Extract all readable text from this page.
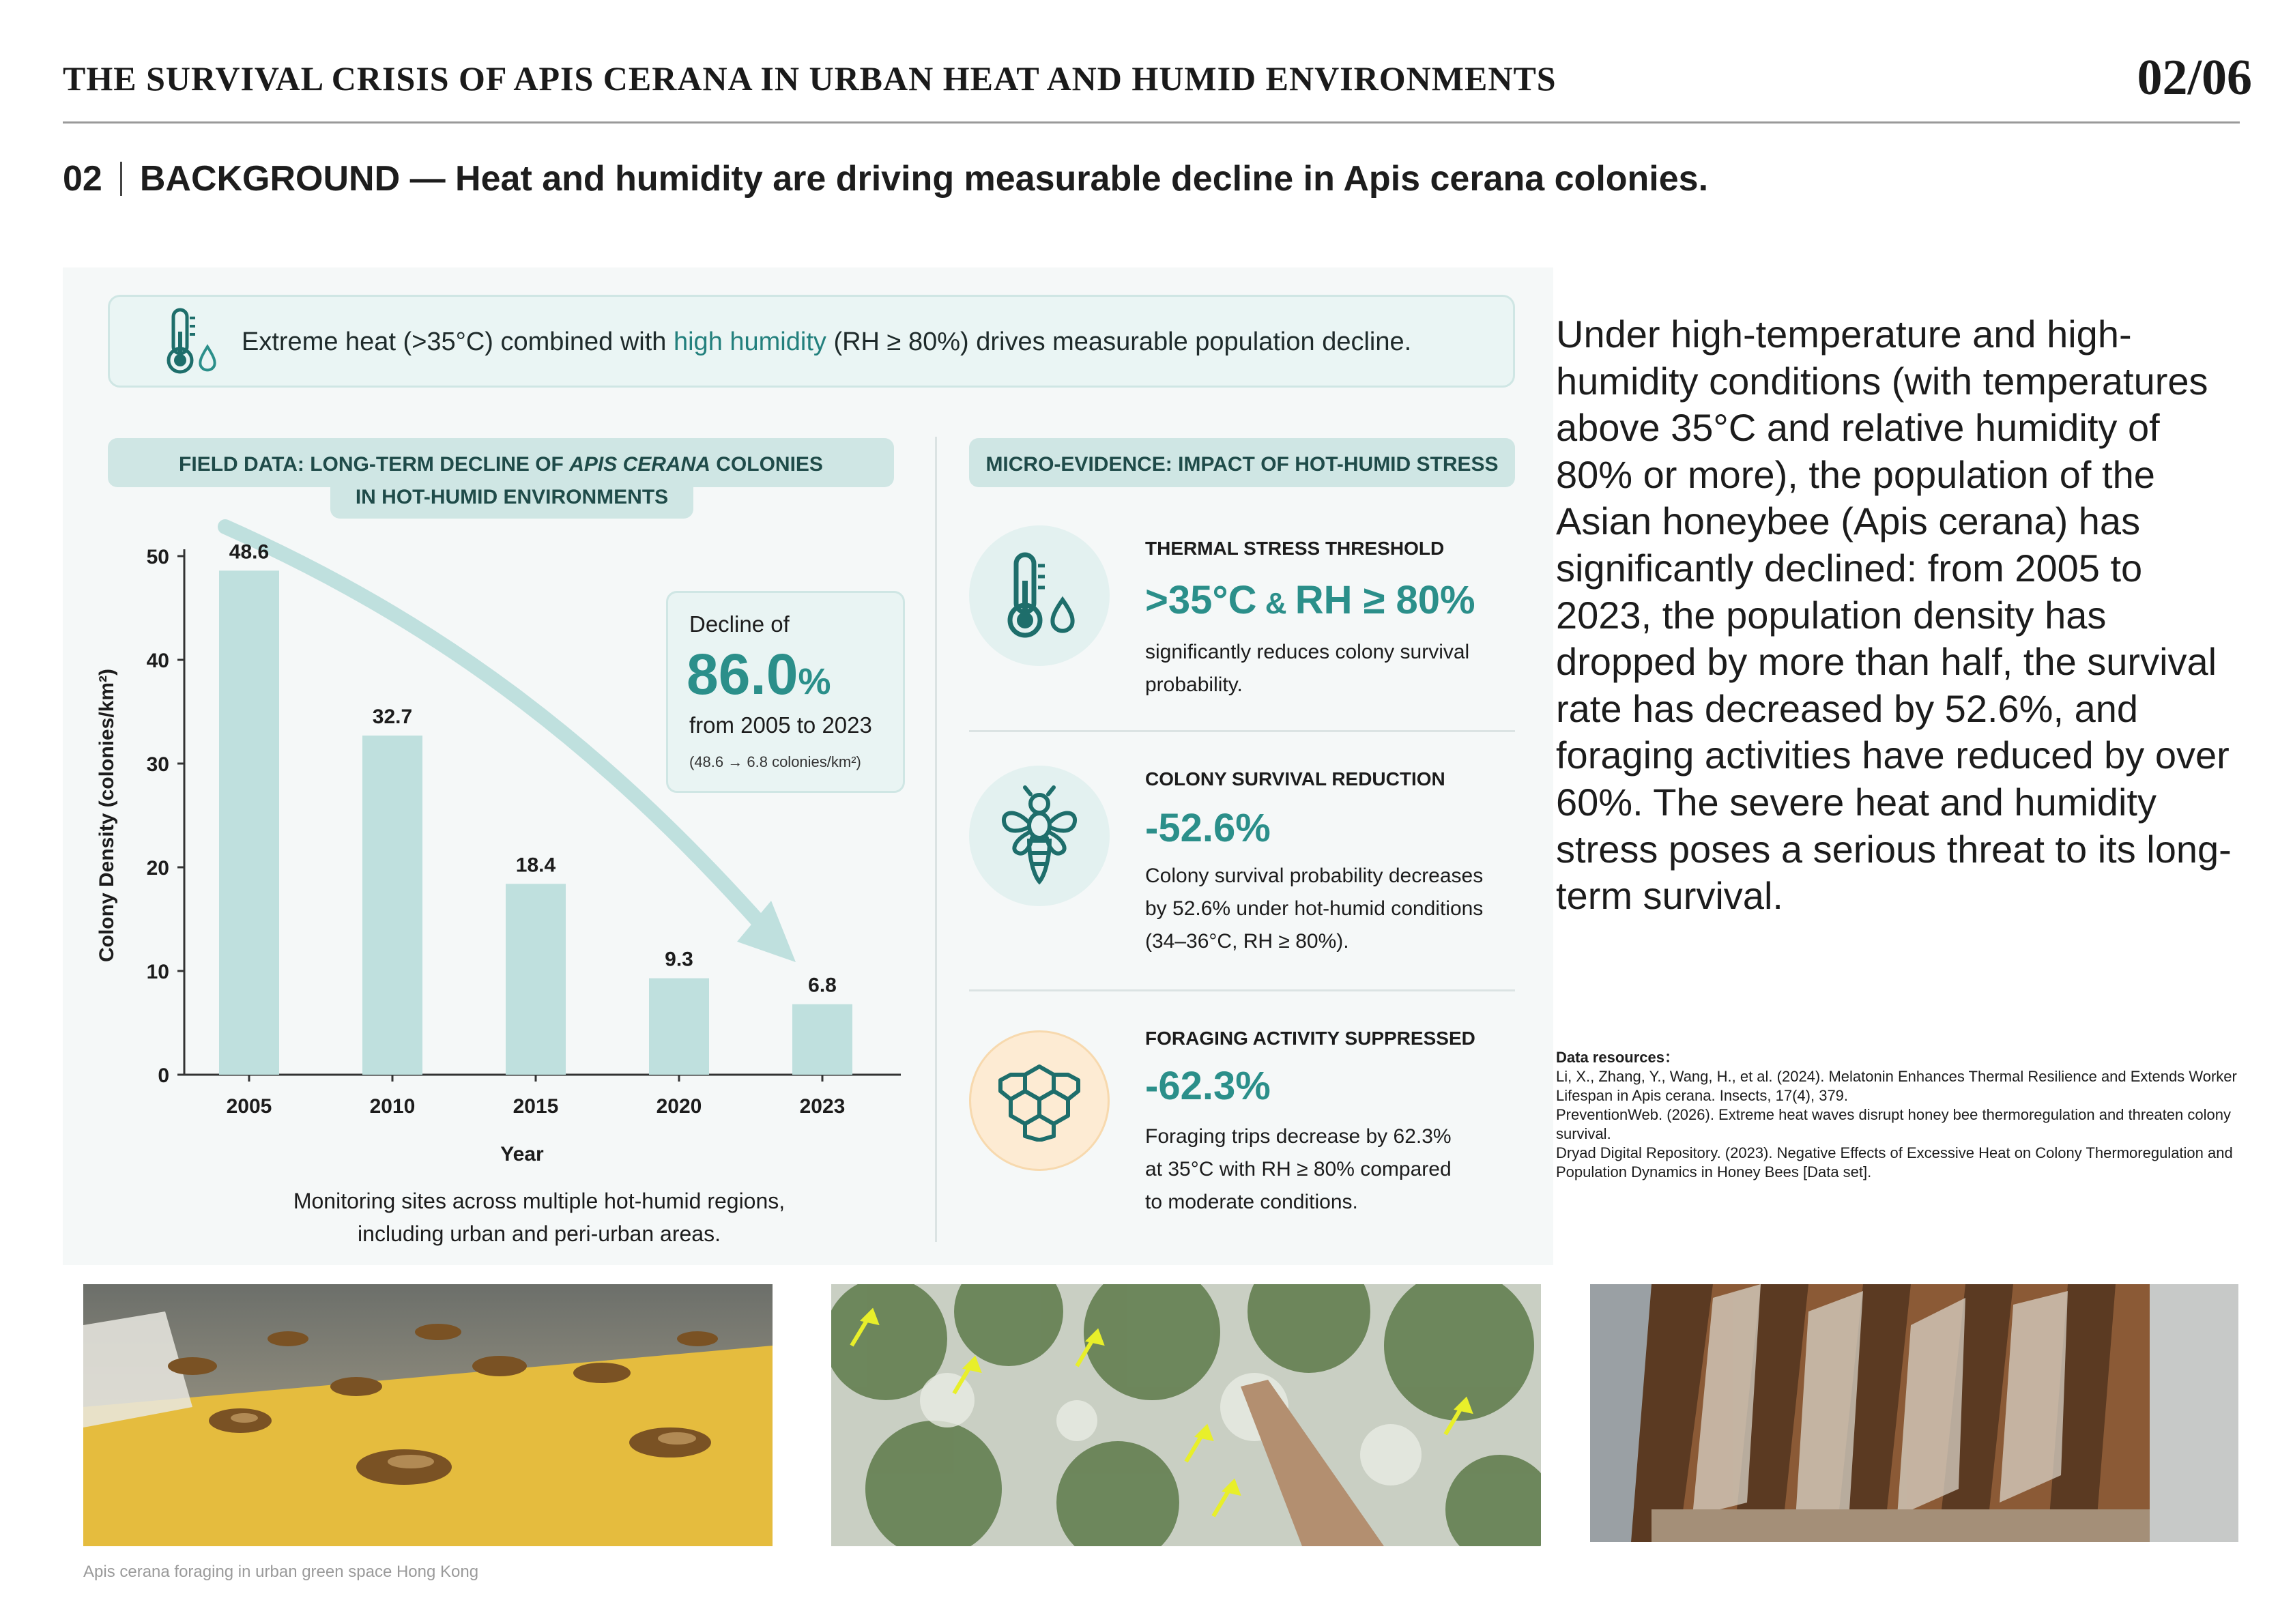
THE SURVIVAL CRISIS OF APIS CERANA IN URBAN HEAT AND HUMID ENVIRONMENTS	02/06
02 BACKGROUND — Heat and humidity are driving measurable decline in Apis cerana colonies.
Extreme heat (>35°C) combined with high humidity (RH ≥ 80%) drives measurable population decline.
FIELD DATA: LONG-TERM DECLINE OF APIS CERANA COLONIES
IN HOT-HUMID ENVIRONMENTS
0
10
20
30
40
50	48.6
2005
32.7
2010
18.4
2015
9.3
2020
6.8
2023
Year
Colony Density (colonies/km²)
Decline of
86.0%
from 2005 to 2023
(48.6 → 6.8 colonies/km²)
Monitoring sites across multiple hot-humid regions,
including urban and peri-urban areas.
MICRO-EVIDENCE: IMPACT OF HOT-HUMID STRESS
THERMAL STRESS THRESHOLD
>35°C & RH ≥ 80%
significantly reduces colony survival
probability.
COLONY SURVIVAL REDUCTION
-52.6%
Colony survival probability decreases
by 52.6% under hot-humid conditions
(34–36°C, RH ≥ 80%).
FORAGING ACTIVITY SUPPRESSED
-62.3%
Foraging trips decrease by 62.3%
at 35°C with RH ≥ 80% compared
to moderate conditions.
Under high-temperature and high-humidity conditions (with temperatures above 35°C and relative humidity of 80% or more), the population of the Asian honeybee (Apis cerana) has significantly declined: from 2005 to 2023, the population density has dropped by more than half, the survival rate has decreased by 52.6%, and foraging activities have reduced by over 60%. The severe heat and humidity stress poses a serious threat to its long-term survival.
Data resources：
Li, X., Zhang, Y., Wang, H., et al. (2024). Melatonin Enhances Thermal Resilience and Extends Worker Lifespan in Apis cerana. Insects, 17(4), 379.
PreventionWeb. (2026). Extreme heat waves disrupt honey bee thermoregulation and threaten colony survival.
Dryad Digital Repository. (2023). Negative Effects of Excessive Heat on Colony Thermoregulation and Population Dynamics in Honey Bees [Data set].
Apis cerana foraging in urban green space Hong Kong
